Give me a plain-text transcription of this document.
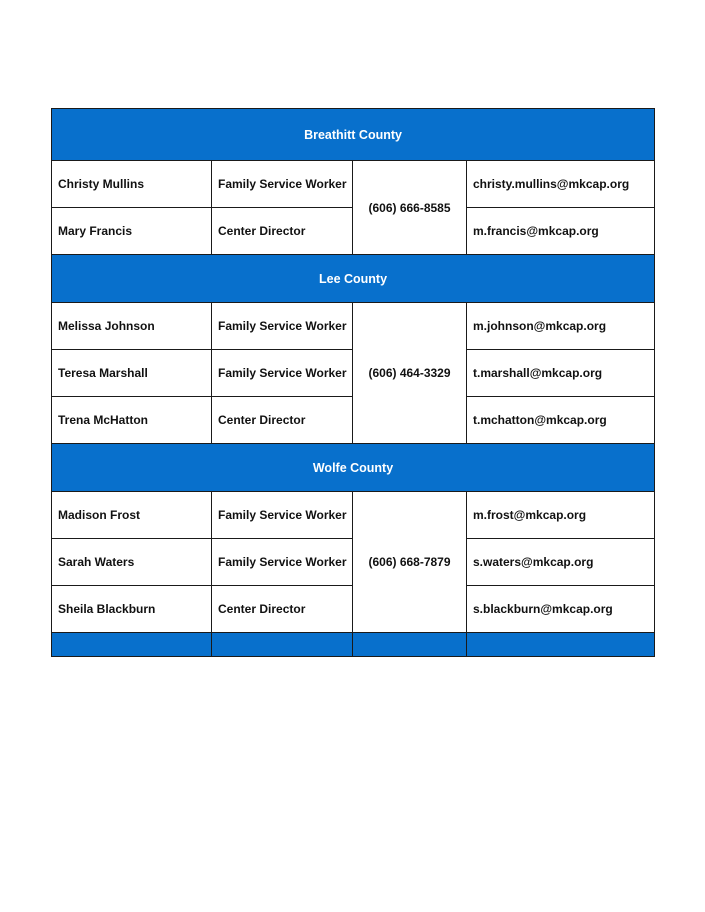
Breathitt County			
Christy Mullins	Family Service Worker	(606) 666-8585	christy.mullins@mkcap.org
Mary Francis	Center Director		m.francis@mkcap.org
Lee County			
Melissa Johnson	Family Service Worker	(606) 464-3329	m.johnson@mkcap.org
Teresa Marshall	Family Service Worker		t.marshall@mkcap.org
Trena McHatton	Center Director		t.mchatton@mkcap.org
Wolfe County			
Madison Frost	Family Service Worker	(606) 668-7879	m.frost@mkcap.org
Sarah Waters	Family Service Worker		s.waters@mkcap.org
Sheila Blackburn	Center Director		s.blackburn@mkcap.org
